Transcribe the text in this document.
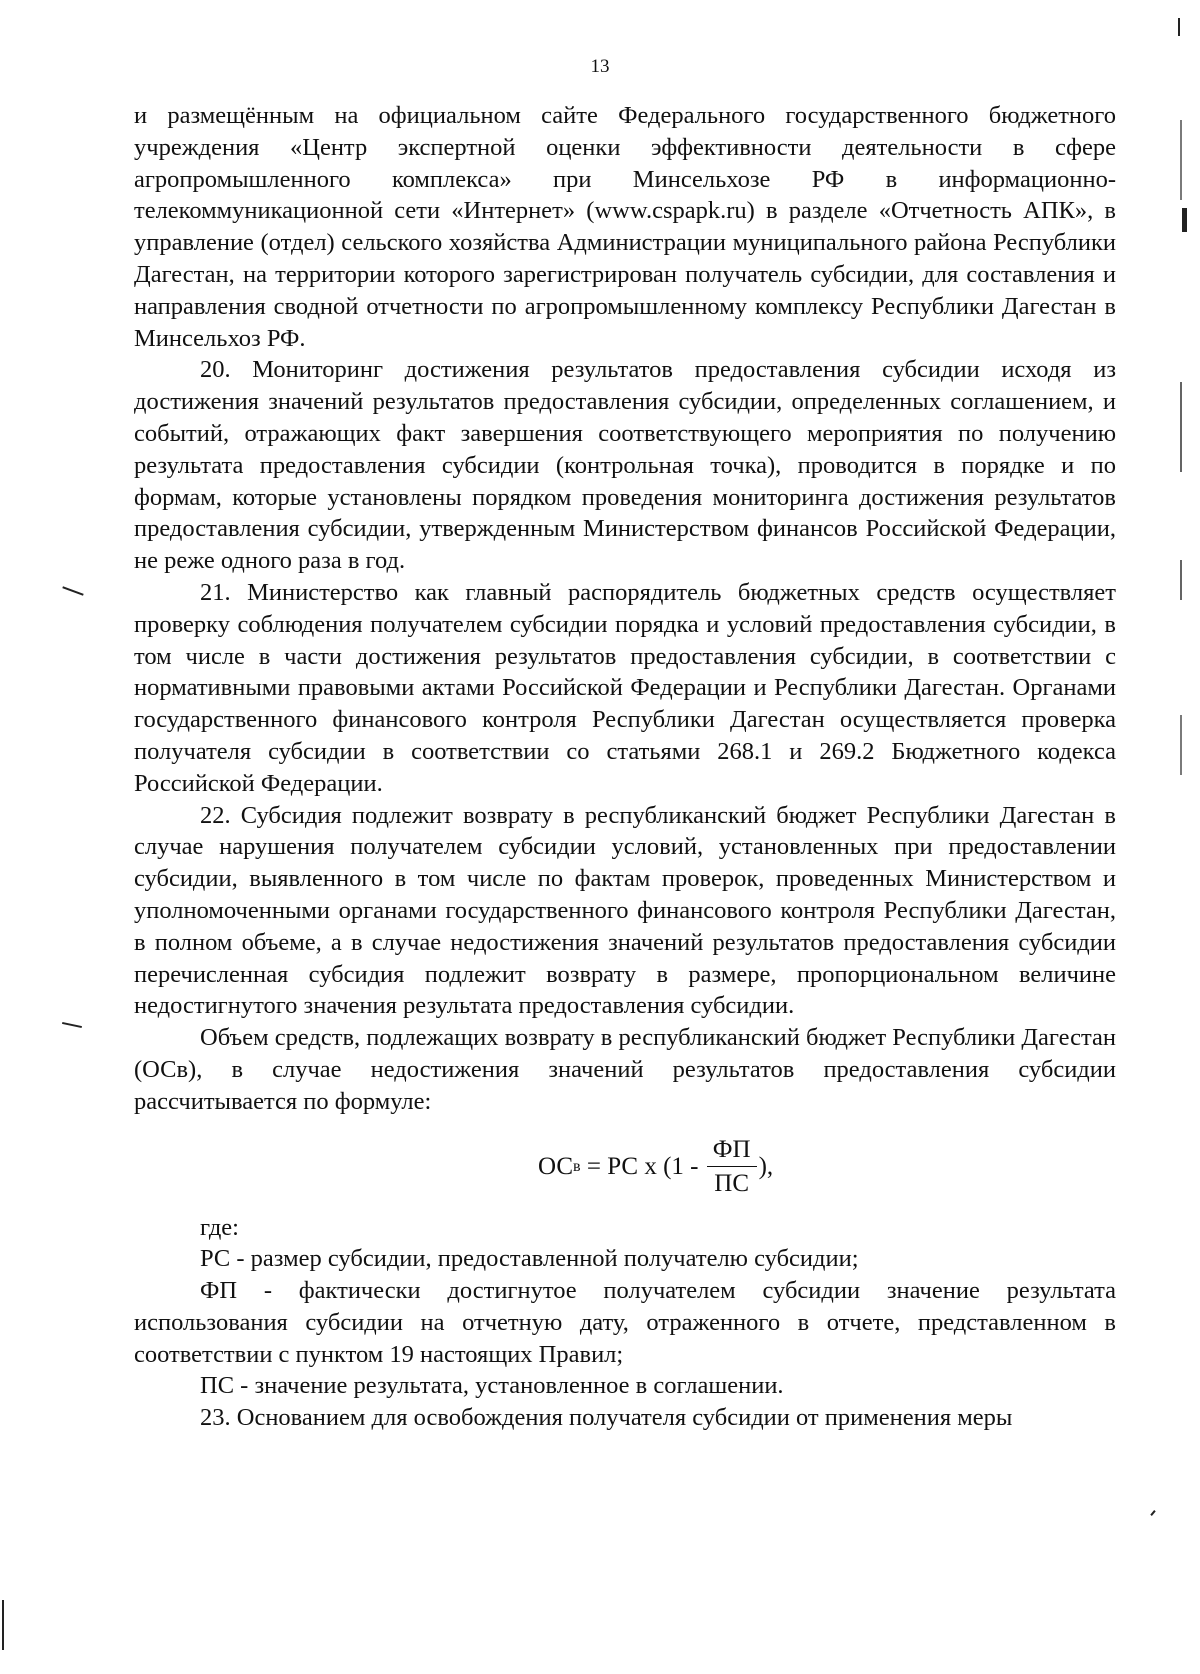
13

и размещённым на официальном сайте Федерального государственного бюджетного учреждения «Центр экспертной оценки эффективности деятельности в сфере агропромышленного комплекса» при Минсельхозе РФ в информационно-телекоммуникационной сети «Интернет» (www.cspapk.ru) в разделе «Отчетность АПК», в управление (отдел) сельского хозяйства Администрации муниципального района Республики Дагестан, на территории которого зарегистрирован получатель субсидии, для составления и направления сводной отчетности по агропромышленному комплексу Республики Дагестан в Минсельхоз РФ.

20. Мониторинг достижения результатов предоставления субсидии исходя из достижения значений результатов предоставления субсидии, определенных соглашением, и событий, отражающих факт завершения соответствующего мероприятия по получению результата предоставления субсидии (контрольная точка), проводится в порядке и по формам, которые установлены порядком проведения мониторинга достижения результатов предоставления субсидии, утвержденным Министерством финансов Российской Федерации, не реже одного раза в год.

21. Министерство как главный распорядитель бюджетных средств осуществляет проверку соблюдения получателем субсидии порядка и условий предоставления субсидии, в том числе в части достижения результатов предоставления субсидии, в соответствии с нормативными правовыми актами Российской Федерации и Республики Дагестан. Органами государственного финансового контроля Республики Дагестан осуществляется проверка получателя субсидии в соответствии со статьями 268.1 и 269.2 Бюджетного кодекса Российской Федерации.

22. Субсидия подлежит возврату в республиканский бюджет Республики Дагестан в случае нарушения получателем субсидии условий, установленных при предоставлении субсидии, выявленного в том числе по фактам проверок, проведенных Министерством и уполномоченными органами государственного финансового контроля Республики Дагестан, в полном объеме, а в случае недостижения значений результатов предоставления субсидии перечисленная субсидия подлежит возврату в размере, пропорциональном величине недостигнутого значения результата предоставления субсидии.

Объем средств, подлежащих возврату в республиканский бюджет Республики Дагестан (ОСв), в случае недостижения значений результатов предоставления субсидии рассчитывается по формуле:

ОС в = РС х ($1 - \frac{ФП}{ПС}$ ),

где:

РС - размер субсидии, предоставленной получателю субсидии;

ФП - фактически достигнутое получателем субсидии значение результата использования субсидии на отчетную дату, отраженного в отчете, представленном в соответствии с пунктом 19 настоящих Правил;

ПС - значение результата, установленное в соглашении.

23. Основанием для освобождения получателя субсидии от применения меры
